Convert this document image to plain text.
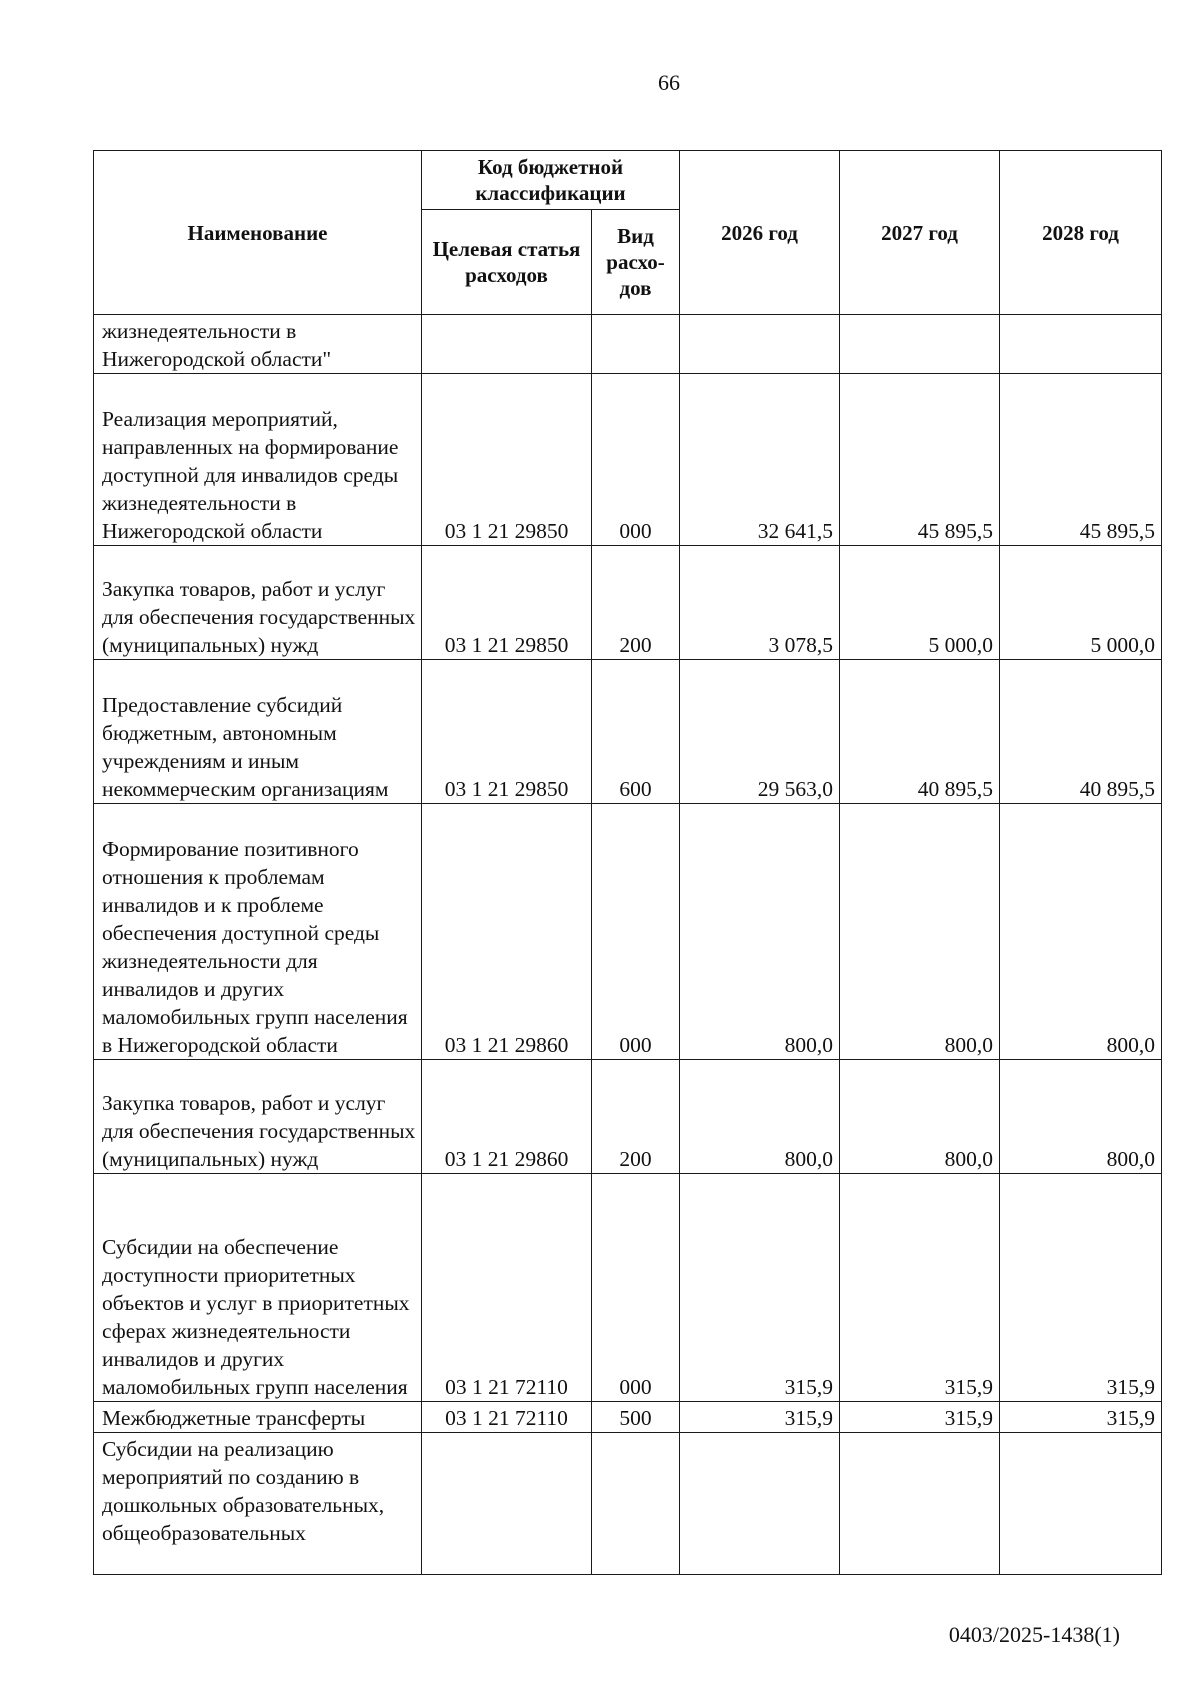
66
Наименование	Код бюджетной классификации		2026 год	2027 год	2028 год
	Целевая статья расходов	Вид расхо-дов			
жизнедеятельности в Нижегородской области"					
Реализация мероприятий, направленных на формирование доступной для инвалидов среды жизнедеятельности в Нижегородской области	03 1 21 29850	000	32 641,5	45 895,5	45 895,5
Закупка товаров, работ и услуг для обеспечения государственных (муниципальных) нужд	03 1 21 29850	200	3 078,5	5 000,0	5 000,0
Предоставление субсидий бюджетным, автономным учреждениям и иным некоммерческим организациям	03 1 21 29850	600	29 563,0	40 895,5	40 895,5
Формирование позитивного отношения к проблемам инвалидов и к проблеме обеспечения доступной среды жизнедеятельности для инвалидов и других маломобильных групп населения в Нижегородской области	03 1 21 29860	000	800,0	800,0	800,0
Закупка товаров, работ и услуг для обеспечения государственных (муниципальных) нужд	03 1 21 29860	200	800,0	800,0	800,0
Субсидии на обеспечение доступности приоритетных объектов и услуг в приоритетных сферах жизнедеятельности инвалидов и других маломобильных групп населения	03 1 21 72110	000	315,9	315,9	315,9
Межбюджетные трансферты	03 1 21 72110	500	315,9	315,9	315,9
Субсидии на реализацию мероприятий по созданию в дошкольных образовательных, общеобразовательных					
0403/2025-1438(1)
